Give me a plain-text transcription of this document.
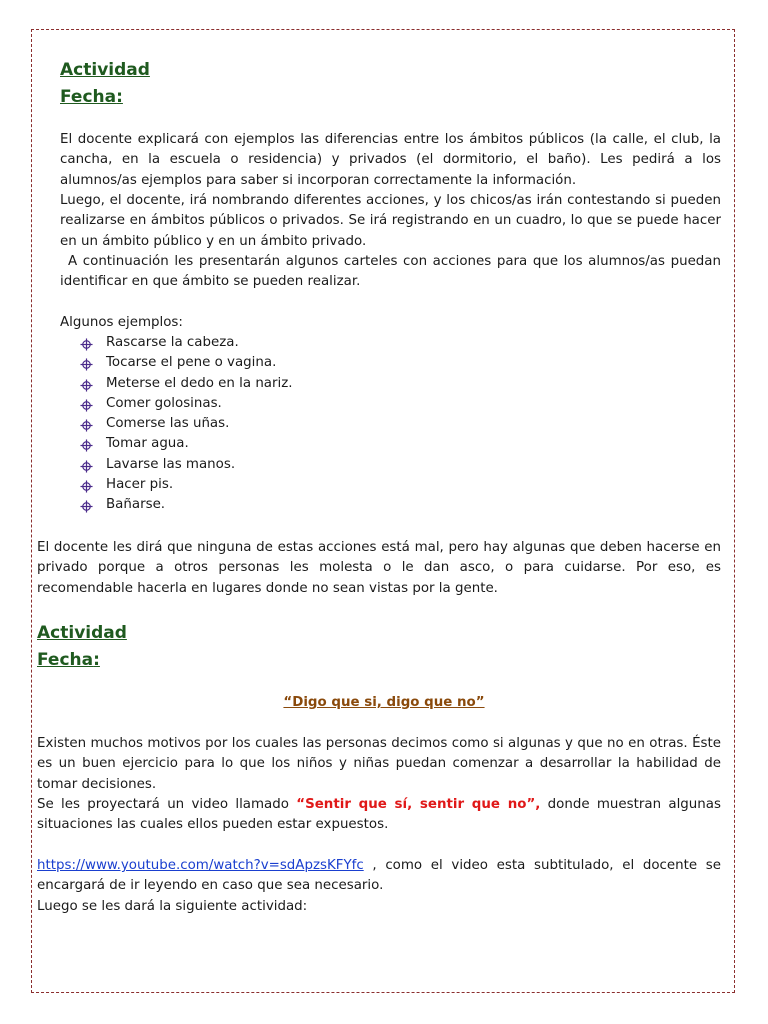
Actividad
Fecha:
El docente explicará con ejemplos las diferencias entre los ámbitos públicos (la calle, el club, la cancha, en la escuela o residencia) y privados (el dormitorio, el baño). Les pedirá a los alumnos/as ejemplos para saber si incorporan correctamente la información.
Luego, el docente, irá nombrando diferentes acciones, y los chicos/as irán contestando si pueden realizarse en ámbitos públicos o privados. Se irá registrando en un cuadro, lo que se puede hacer en un ámbito público y en un ámbito privado.
A continuación les presentarán algunos carteles con acciones para que los alumnos/as puedan identificar en que ámbito se pueden realizar.
Algunos ejemplos:
Rascarse la cabeza.
Tocarse el pene o vagina.
Meterse el dedo en la nariz.
Comer golosinas.
Comerse las uñas.
Tomar agua.
Lavarse las manos.
Hacer pis.
Bañarse.
El docente les dirá que ninguna de estas acciones está mal, pero hay algunas que deben hacerse en privado porque a otros personas les molesta o le dan asco, o para cuidarse. Por eso, es recomendable hacerla en lugares donde no sean vistas por la gente.
Actividad
Fecha:
“Digo que si, digo que no”
Existen muchos motivos por los cuales las personas decimos como si algunas y que no en otras. Éste es un buen ejercicio para lo que los niños y niñas puedan comenzar a desarrollar la habilidad de tomar decisiones.
Se les proyectará un video llamado “Sentir que sí, sentir que no”, donde muestran algunas situaciones las cuales ellos pueden estar expuestos.
https://www.youtube.com/watch?v=sdApzsKFYfc , como el video esta subtitulado, el docente se encargará de ir leyendo en caso que sea necesario.
Luego se les dará la siguiente actividad:
